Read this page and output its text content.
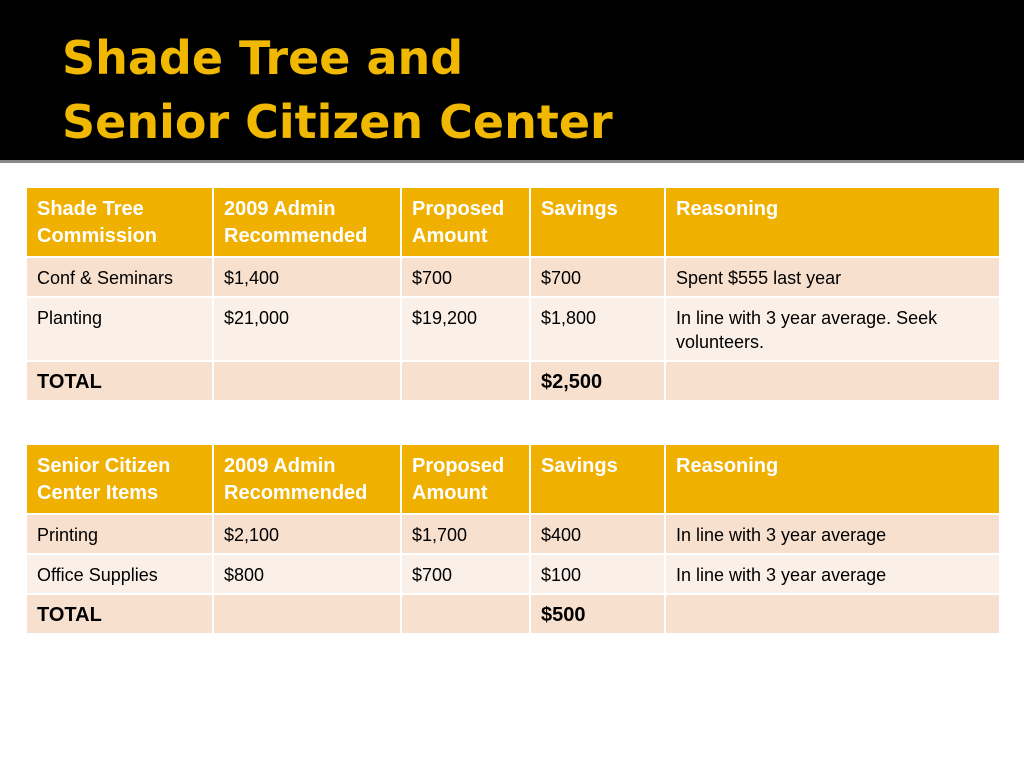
Shade Tree and
Senior Citizen Center
Shade Tree Commission	2009 Admin Recommended	Proposed Amount	Savings	Reasoning
Conf & Seminars	$1,400	$700	$700	Spent $555 last year
Planting	$21,000	$19,200	$1,800	In line with 3 year average. Seek volunteers.
TOTAL			$2,500	
Senior Citizen Center Items	2009 Admin Recommended	Proposed Amount	Savings	Reasoning
Printing	$2,100	$1,700	$400	In line with 3 year average
Office Supplies	$800	$700	$100	In line with 3 year average
TOTAL			$500	
